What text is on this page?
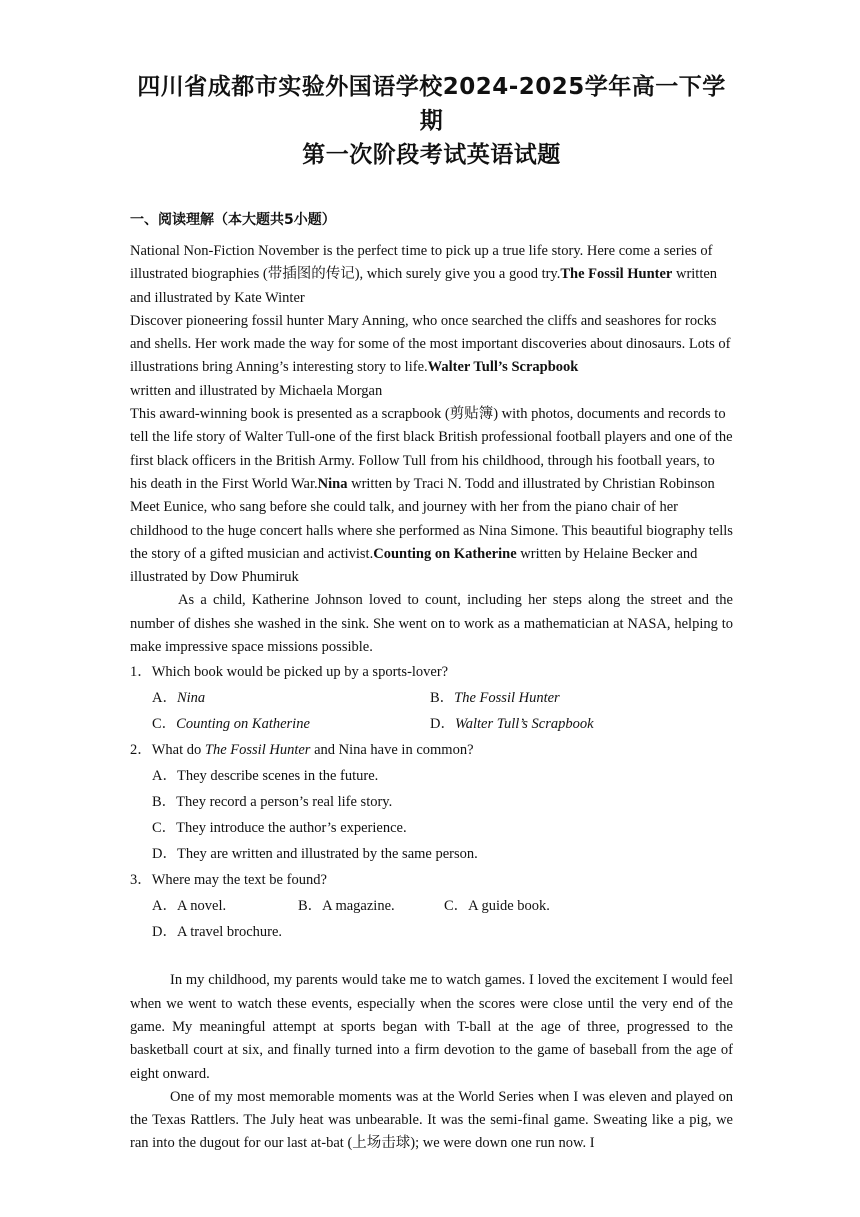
四川省成都市实验外国语学校2024-2025学年高一下学期
第一次阶段考试英语试题
一、阅读理解（本大题共5小题）

National Non-Fiction November is the perfect time to pick up a true life story. Here come a series of illustrated biographies (带插图的传记), which surely give you a good try.The Fossil Hunter written and illustrated by Kate Winter

Discover pioneering fossil hunter Mary Anning, who once searched the cliffs and seashores for rocks and shells. Her work made the way for some of the most important discoveries about dinosaurs. Lots of illustrations bring Anning’s interesting story to life.Walter Tull’s Scrapbook
written and illustrated by Michaela Morgan

This award-winning book is presented as a scrapbook (剪贴簿) with photos, documents and records to tell the life story of Walter Tull-one of the first black British professional football players and one of the first black officers in the British Army. Follow Tull from his childhood, through his football years, to his death in the First World War.Nina written by Traci N. Todd and illustrated by Christian Robinson

Meet Eunice, who sang before she could talk, and journey with her from the piano chair of her childhood to the huge concert halls where she performed as Nina Simone. This beautiful biography tells the story of a gifted musician and activist.Counting on Katherine written by Helaine Becker and illustrated by Dow Phumiruk

As a child, Katherine Johnson loved to count, including her steps along the street and the number of dishes she washed in the sink. She went on to work as a mathematician at NASA, helping to make impressive space missions possible.

1．Which book would be picked up by a sports-lover?

A．Nina	B．The Fossil Hunter
C．Counting on Katherine	D．Walter Tull’s Scrapbook

2．What do The Fossil Hunter and Nina have in common?

A．They describe scenes in the future.
B．They record a person’s real life story.
C．They introduce the author’s experience.
D．They are written and illustrated by the same person.

3．Where may the text be found?

A．A novel.	B．A magazine.	C．A guide book.
D．A travel brochure.

In my childhood, my parents would take me to watch games. I loved the excitement I would feel when we went to watch these events, especially when the scores were close until the very end of the game. My meaningful attempt at sports began with T-ball at the age of three, progressed to the basketball court at six, and finally turned into a firm devotion to the game of baseball from the age of eight onward.

One of my most memorable moments was at the World Series when I was eleven and played on the Texas Rattlers. The July heat was unbearable. It was the semi-final game. Sweating like a pig, we ran into the dugout for our last at-bat (上场击球); we were down one run now. I
